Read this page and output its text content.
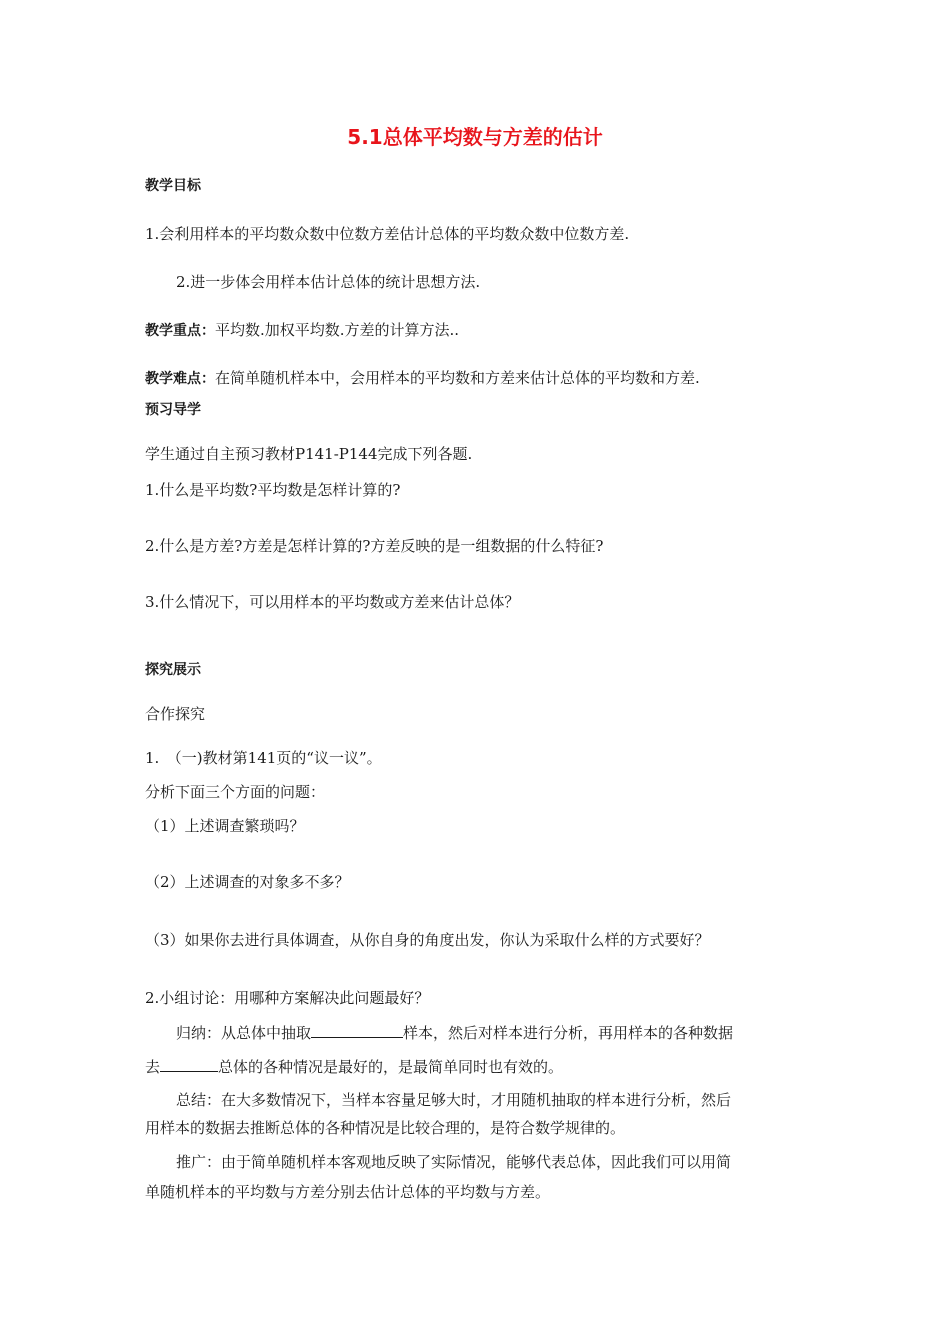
5.1总体平均数与方差的估计
教学目标
1.会利用样本的平均数众数中位数方差估计总体的平均数众数中位数方差.
2.进一步体会用样本估计总体的统计思想方法.
教学重点：平均数.加权平均数.方差的计算方法..
教学难点：在简单随机样本中，会用样本的平均数和方差来估计总体的平均数和方差.
预习导学
学生通过自主预习教材P141-P144完成下列各题.
1.什么是平均数?平均数是怎样计算的?
2.什么是方差?方差是怎样计算的?方差反映的是一组数据的什么特征?
3.什么情况下，可以用样本的平均数或方差来估计总体？
探究展示
合作探究
1.　（一)教材第141页的“议一议”。
分析下面三个方面的问题：
（1）上述调查繁琐吗？
（2）上述调查的对象多不多？
（3）如果你去进行具体调查，从你自身的角度出发，你认为采取什么样的方式要好？
2.小组讨论：用哪种方案解决此问题最好？
归纳：从总体中抽取	样本，然后对样本进行分析，再用样本的各种数据
去	总体的各种情况是最好的，是最简单同时也有效的。
总结：在大多数情况下，当样本容量足够大时，才用随机抽取的样本进行分析，然后
用样本的数据去推断总体的各种情况是比较合理的，是符合数学规律的。
推广：由于简单随机样本客观地反映了实际情况，能够代表总体，因此我们可以用简
单随机样本的平均数与方差分别去估计总体的平均数与方差。
